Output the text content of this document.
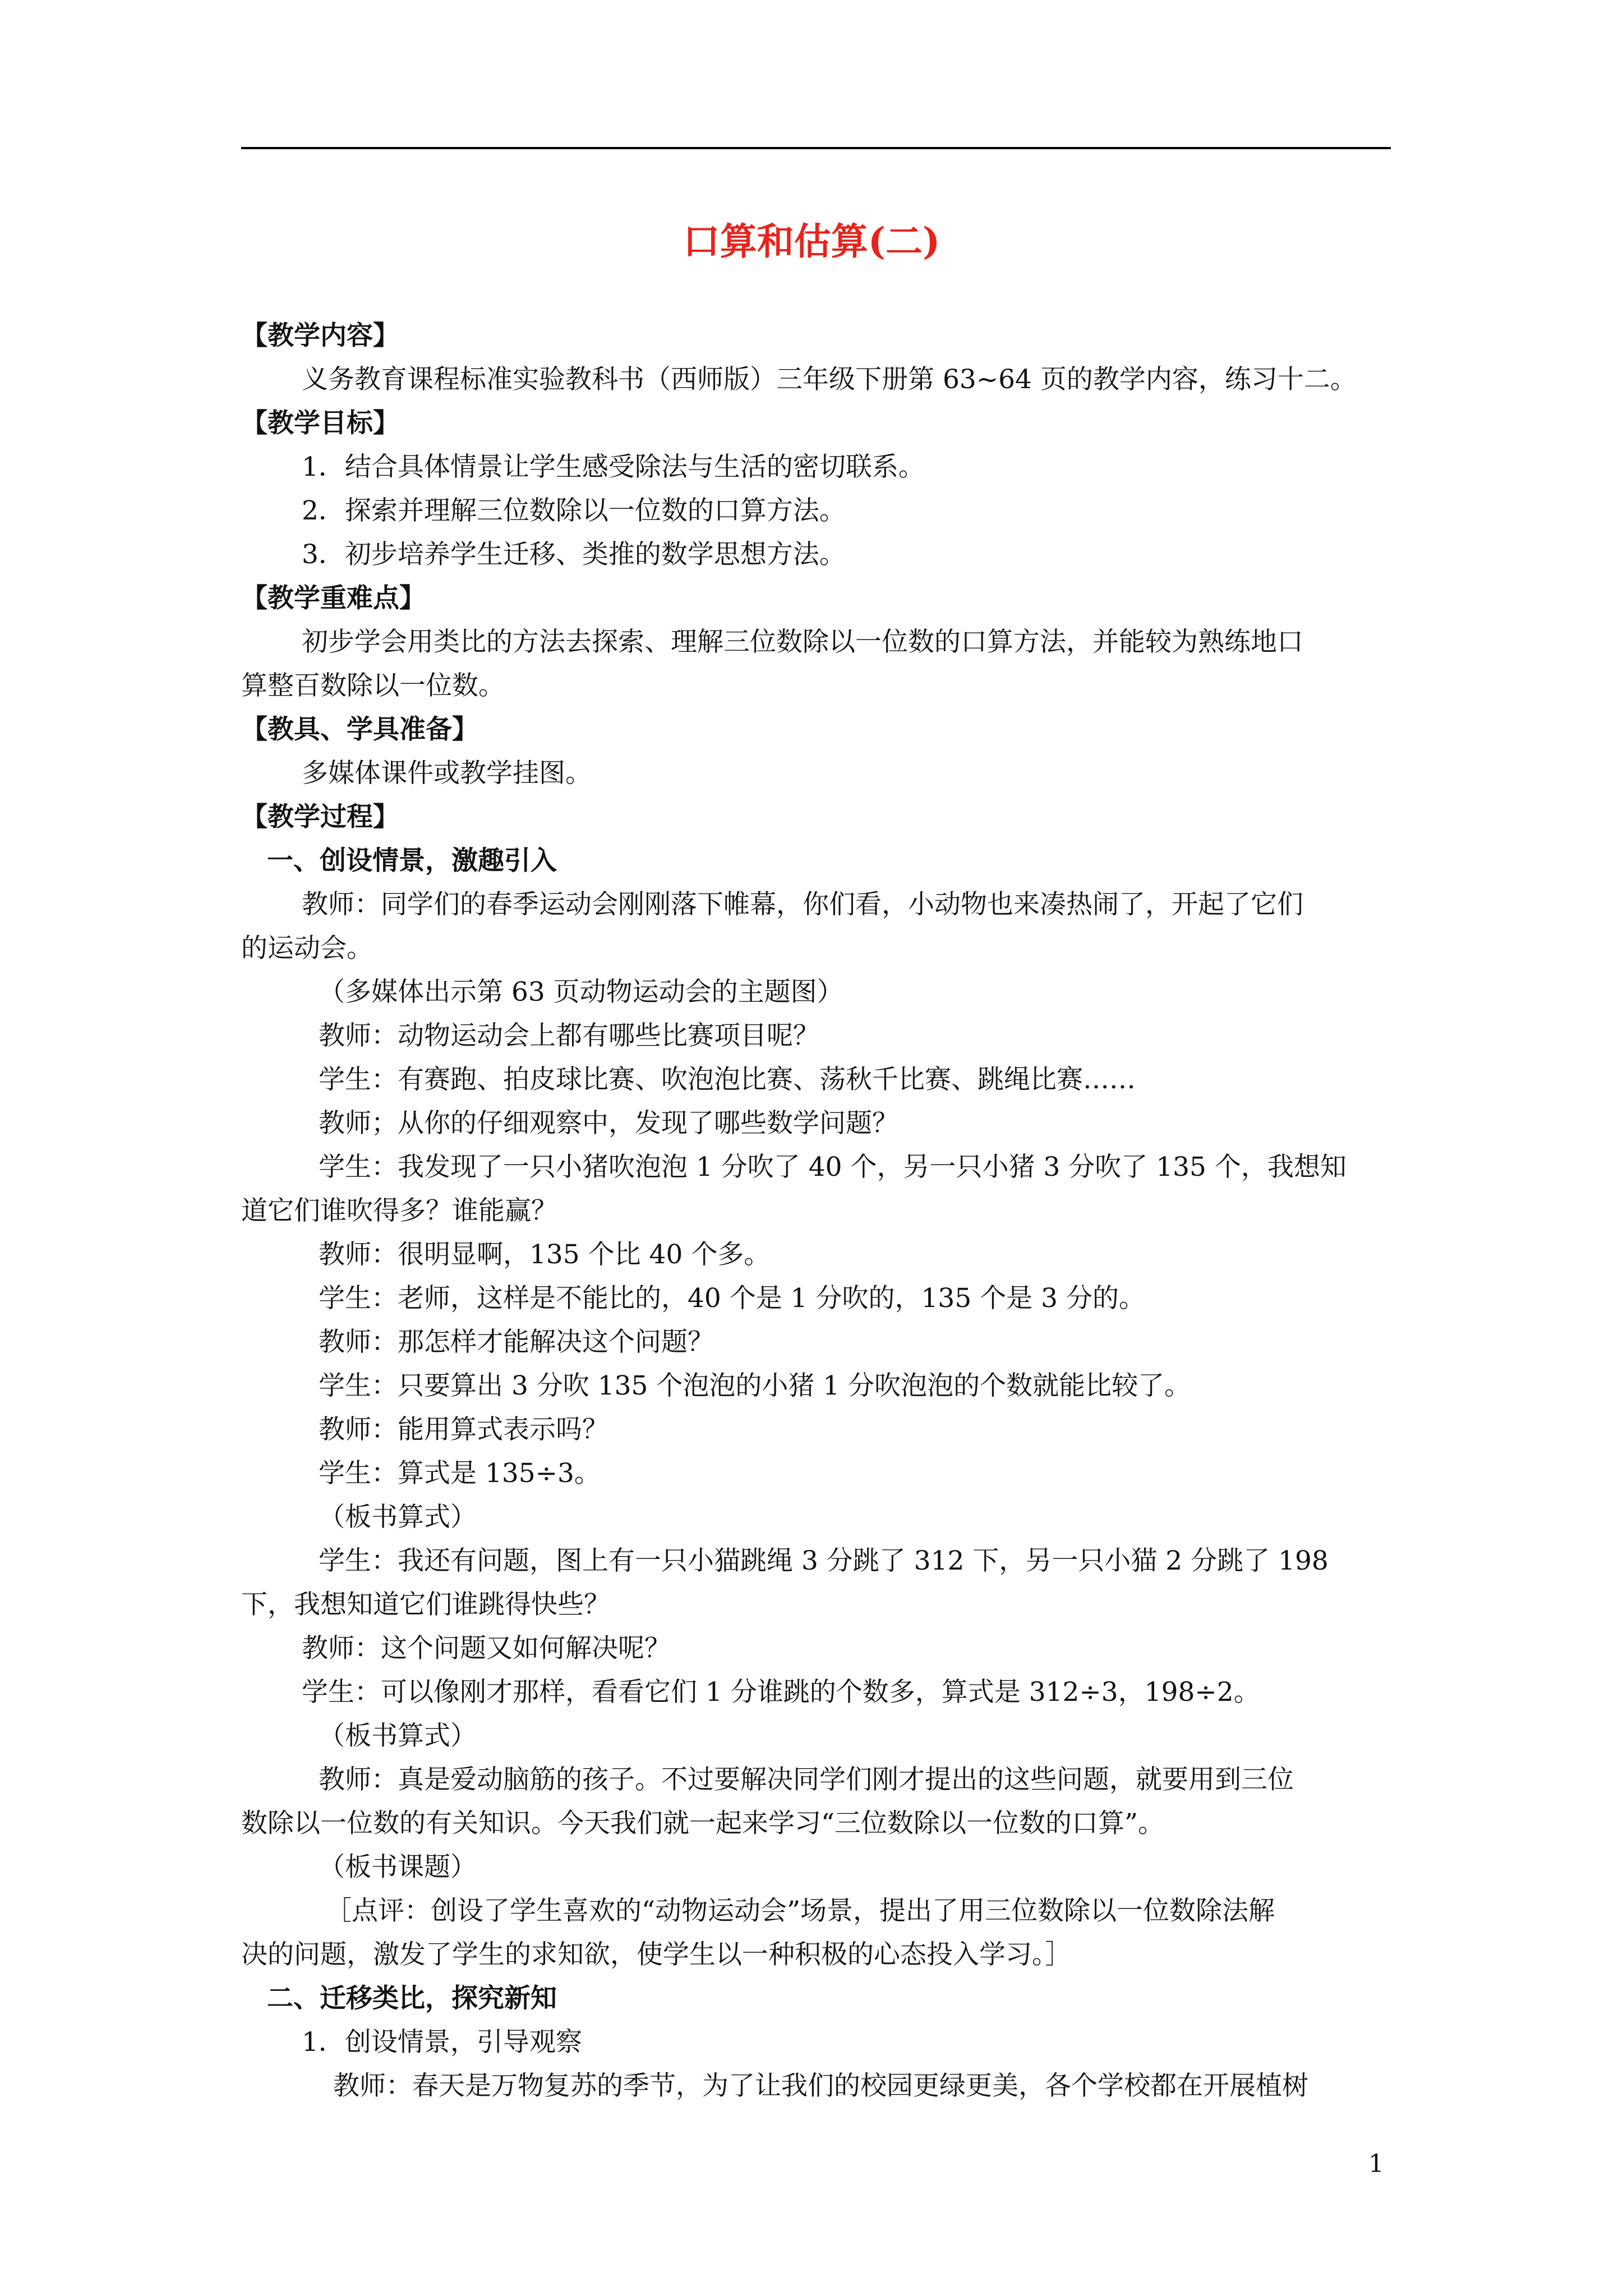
口算和估算(二)
【教学内容】
义务教育课程标准实验教科书（西师版）三年级下册第 63~64 页的教学内容，练习十二。
【教学目标】
1．结合具体情景让学生感受除法与生活的密切联系。
2．探索并理解三位数除以一位数的口算方法。
3．初步培养学生迁移、类推的数学思想方法。
【教学重难点】
初步学会用类比的方法去探索、理解三位数除以一位数的口算方法，并能较为熟练地口
算整百数除以一位数。
【教具、学具准备】
多媒体课件或教学挂图。
【教学过程】
一、创设情景，激趣引入
教师：同学们的春季运动会刚刚落下帷幕，你们看，小动物也来凑热闹了，开起了它们
的运动会。
（多媒体出示第 63 页动物运动会的主题图）
教师：动物运动会上都有哪些比赛项目呢？
学生：有赛跑、拍皮球比赛、吹泡泡比赛、荡秋千比赛、跳绳比赛……
教师；从你的仔细观察中，发现了哪些数学问题？
学生：我发现了一只小猪吹泡泡 1 分吹了 40 个，另一只小猪 3 分吹了 135 个，我想知
道它们谁吹得多？谁能赢？
教师：很明显啊，135 个比 40 个多。
学生：老师，这样是不能比的，40 个是 1 分吹的，135 个是 3 分的。
教师：那怎样才能解决这个问题？
学生：只要算出 3 分吹 135 个泡泡的小猪 1 分吹泡泡的个数就能比较了。
教师：能用算式表示吗？
学生：算式是 135÷3。
（板书算式）
学生：我还有问题，图上有一只小猫跳绳 3 分跳了 312 下，另一只小猫 2 分跳了 198
下，我想知道它们谁跳得快些？
教师：这个问题又如何解决呢？
学生：可以像刚才那样，看看它们 1 分谁跳的个数多，算式是 312÷3，198÷2。
（板书算式）
教师：真是爱动脑筋的孩子。不过要解决同学们刚才提出的这些问题，就要用到三位
数除以一位数的有关知识。今天我们就一起来学习“三位数除以一位数的口算”。
（板书课题）
［点评：创设了学生喜欢的“动物运动会”场景，提出了用三位数除以一位数除法解
决的问题，激发了学生的求知欲，使学生以一种积极的心态投入学习。］
二、迁移类比，探究新知
1．创设情景，引导观察
教师：春天是万物复苏的季节，为了让我们的校园更绿更美，各个学校都在开展植树
1
